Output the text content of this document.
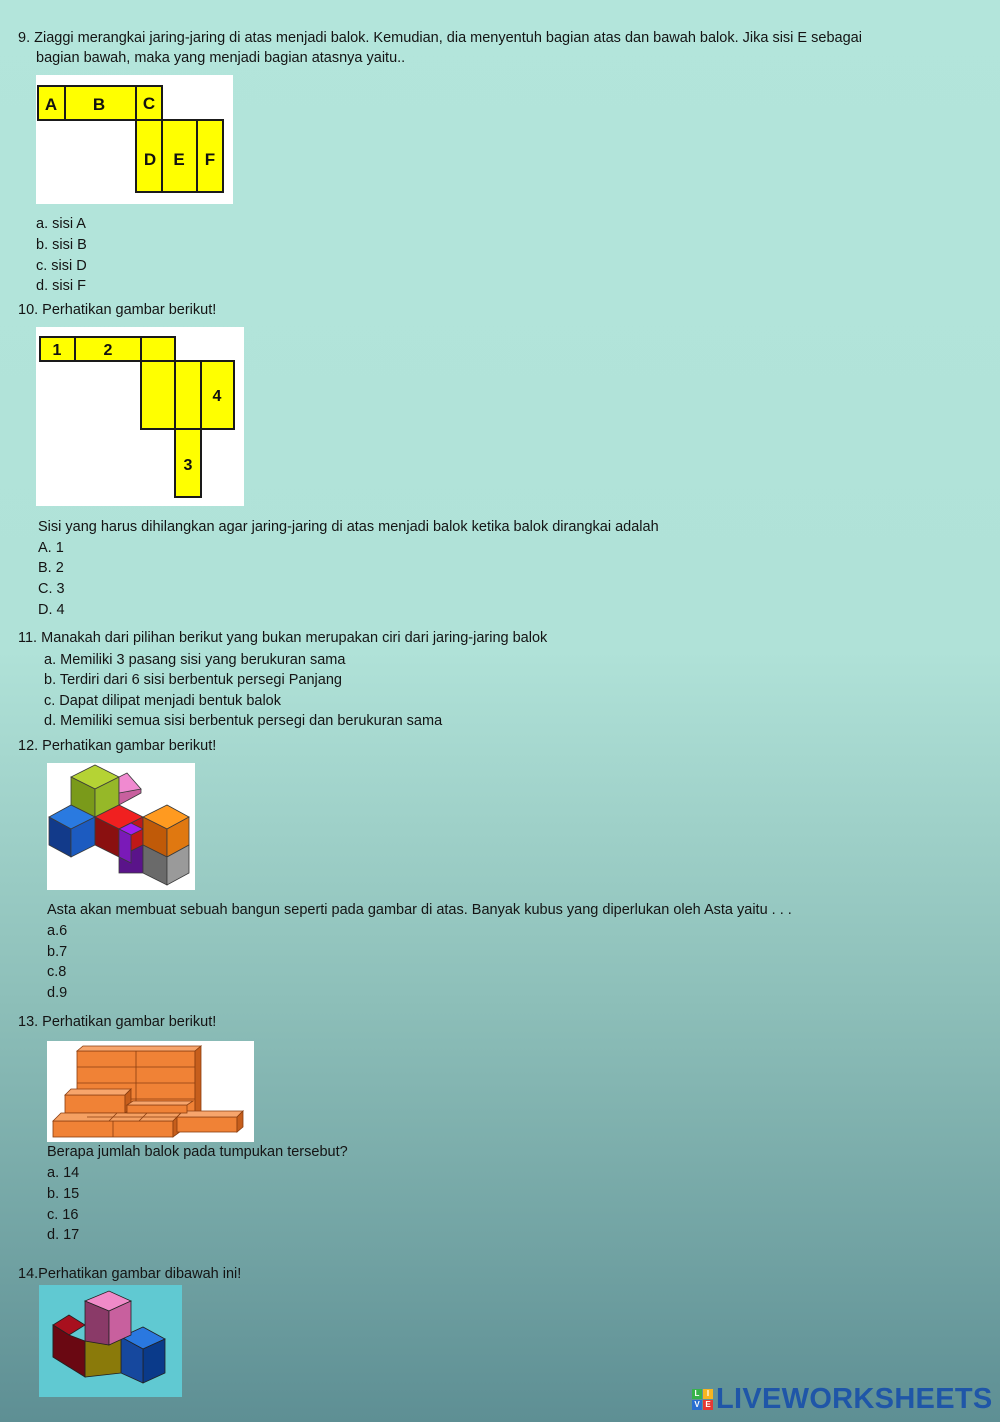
9. Ziaggi merangkai jaring-jaring di atas menjadi balok. Kemudian, dia menyentuh bagian atas dan bawah balok. Jika sisi E sebagai
bagian bawah, maka yang menjadi bagian atasnya yaitu..
A B C
D E F
a. sisi A
b. sisi B
c. sisi D
d. sisi F
10. Perhatikan gambar berikut!
1	2
4
3
Sisi yang harus dihilangkan agar jaring-jaring di atas menjadi balok ketika balok dirangkai adalah
A. 1
B. 2
C. 3
D. 4
11. Manakah dari pilihan berikut yang bukan merupakan ciri dari jaring-jaring balok
a. Memiliki 3 pasang sisi yang berukuran sama
b. Terdiri dari 6 sisi berbentuk persegi Panjang
c. Dapat dilipat menjadi bentuk balok
d. Memiliki semua sisi berbentuk persegi dan berukuran sama
12. Perhatikan gambar berikut!
Asta akan membuat sebuah bangun seperti pada gambar di atas. Banyak kubus yang diperlukan oleh Asta yaitu . . .
a.6
b.7
c.8
d.9
13. Perhatikan gambar berikut!
Berapa jumlah balok pada tumpukan tersebut?
a. 14
b. 15
c. 16
d. 17
14.Perhatikan gambar dibawah ini!
L I
V E LIVEWORKSHEETS
